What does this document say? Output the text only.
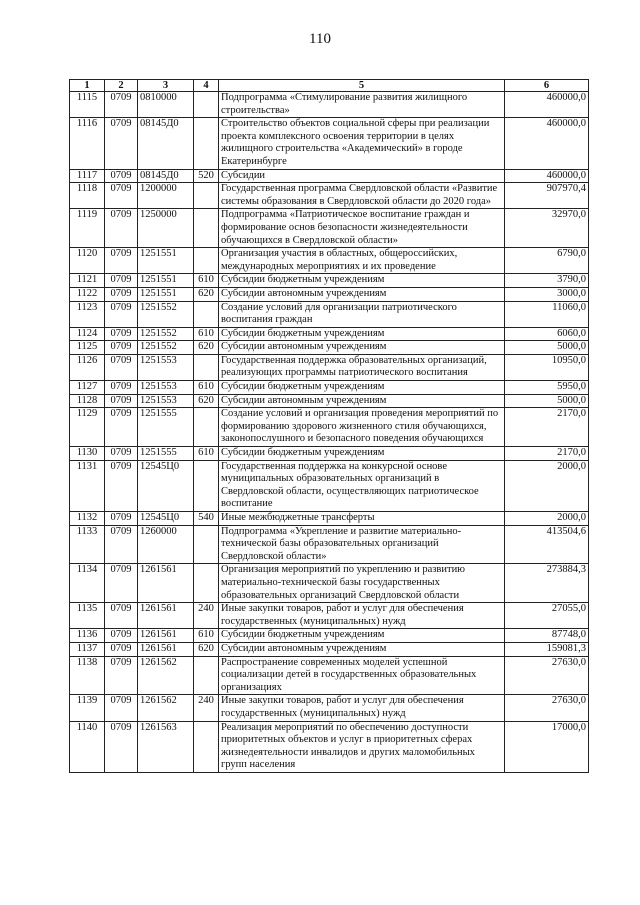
110
1	2	3	4	5	6
1115	0709	0810000		Подпрограмма «Стимулирование развития жилищного строительства»	460000,0
1116	0709	08145Д0		Строительство объектов социальной сферы при реализации проекта комплексного освоения территории в целях жилищного строительства «Академический» в городе Екатеринбурге	460000,0
1117	0709	08145Д0	520	Субсидии	460000,0
1118	0709	1200000		Государственная программа Свердловской области «Развитие системы образования в Свердловской области до 2020 года»	907970,4
1119	0709	1250000		Подпрограмма «Патриотическое воспитание граждан и формирование основ безопасности жизнедеятельности обучающихся в Свердловской области»	32970,0
1120	0709	1251551		Организация участия в областных, общероссийских, международных мероприятиях и их проведение	6790,0
1121	0709	1251551	610	Субсидии бюджетным учреждениям	3790,0
1122	0709	1251551	620	Субсидии автономным учреждениям	3000,0
1123	0709	1251552		Создание условий для организации патриотического воспитания граждан	11060,0
1124	0709	1251552	610	Субсидии бюджетным учреждениям	6060,0
1125	0709	1251552	620	Субсидии автономным учреждениям	5000,0
1126	0709	1251553		Государственная поддержка образовательных организаций, реализующих программы патриотического воспитания	10950,0
1127	0709	1251553	610	Субсидии бюджетным учреждениям	5950,0
1128	0709	1251553	620	Субсидии автономным учреждениям	5000,0
1129	0709	1251555		Создание условий и организация проведения мероприятий по формированию здорового жизненного стиля обучающихся, законопослушного и безопасного поведения обучающихся	2170,0
1130	0709	1251555	610	Субсидии бюджетным учреждениям	2170,0
1131	0709	12545Ц0		Государственная поддержка на конкурсной основе муниципальных образовательных организаций в Свердловской области, осуществляющих патриотическое воспитание	2000,0
1132	0709	12545Ц0	540	Иные межбюджетные трансферты	2000,0
1133	0709	1260000		Подпрограмма «Укрепление и развитие материально-технической базы образовательных организаций Свердловской области»	413504,6
1134	0709	1261561		Организация мероприятий по укреплению и развитию материально-технической базы государственных образовательных организаций Свердловской области	273884,3
1135	0709	1261561	240	Иные закупки товаров, работ и услуг для обеспечения государственных (муниципальных) нужд	27055,0
1136	0709	1261561	610	Субсидии бюджетным учреждениям	87748,0
1137	0709	1261561	620	Субсидии автономным учреждениям	159081,3
1138	0709	1261562		Распространение современных моделей успешной социализации детей в государственных образовательных организациях	27630,0
1139	0709	1261562	240	Иные закупки товаров, работ и услуг для обеспечения государственных (муниципальных) нужд	27630,0
1140	0709	1261563		Реализация мероприятий по обеспечению доступности приоритетных объектов и услуг в приоритетных сферах жизнедеятельности инвалидов и других маломобильных групп населения	17000,0
